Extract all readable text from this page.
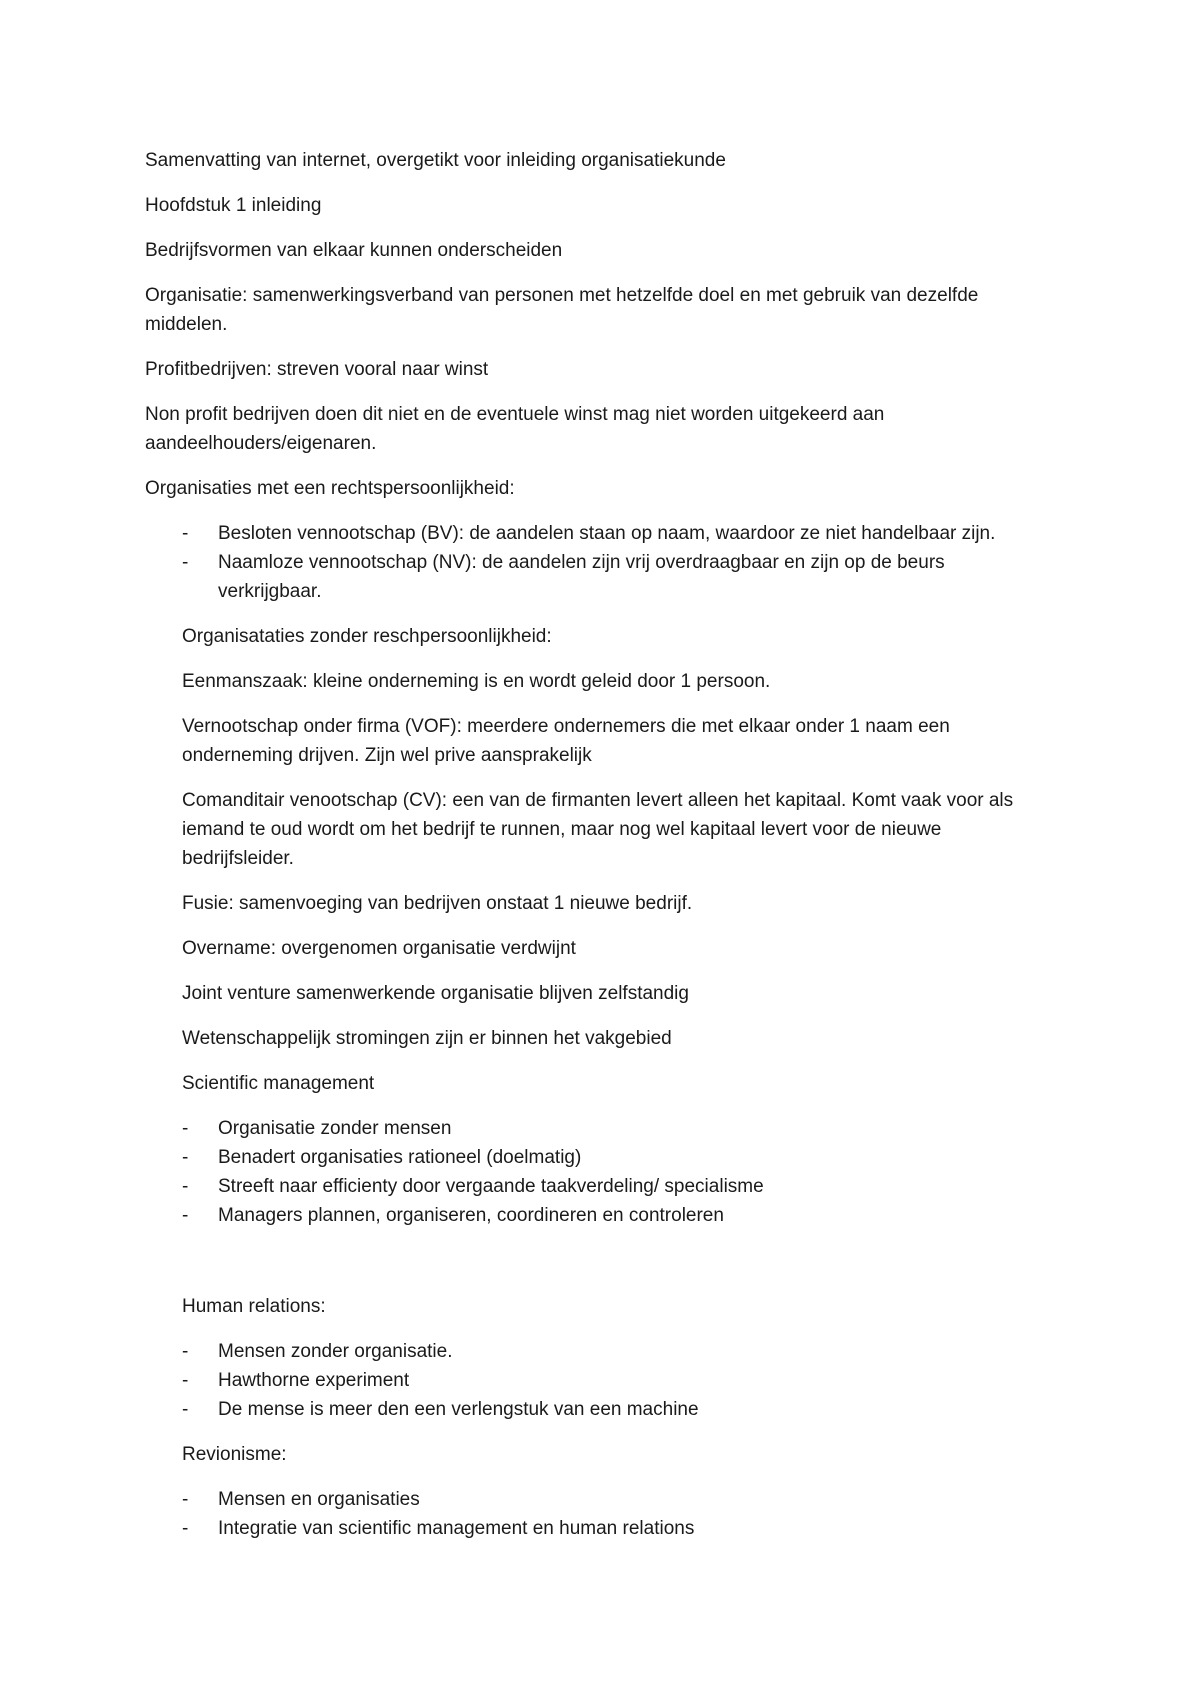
Samenvatting van internet, overgetikt voor inleiding organisatiekunde

Hoofdstuk 1 inleiding

Bedrijfsvormen van elkaar kunnen onderscheiden

Organisatie: samenwerkingsverband van personen met hetzelfde doel en met gebruik van dezelfde middelen.

Profitbedrijven: streven vooral naar winst

Non profit bedrijven doen dit niet en de eventuele winst mag niet worden uitgekeerd aan aandeelhouders/eigenaren.

Organisaties met een rechtspersoonlijkheid:

- Besloten vennootschap (BV): de aandelen staan op naam, waardoor ze niet handelbaar zijn.
- Naamloze vennootschap (NV): de aandelen zijn vrij overdraagbaar en zijn op de beurs verkrijgbaar.

Organisataties zonder reschpersoonlijkheid:

Eenmanszaak: kleine onderneming is en wordt geleid door 1 persoon.

Vernootschap onder firma (VOF): meerdere ondernemers die met elkaar onder 1 naam een onderneming drijven. Zijn wel prive aansprakelijk

Comanditair venootschap (CV): een van de firmanten levert alleen het kapitaal. Komt vaak voor als iemand te oud wordt om het bedrijf te runnen, maar nog wel kapitaal levert voor de nieuwe bedrijfsleider.

Fusie: samenvoeging van bedrijven onstaat 1 nieuwe bedrijf.

Overname: overgenomen organisatie verdwijnt

Joint venture samenwerkende organisatie blijven zelfstandig

Wetenschappelijk stromingen zijn er binnen het vakgebied

Scientific management

- Organisatie zonder mensen
- Benadert organisaties rationeel (doelmatig)
- Streeft naar efficienty door vergaande taakverdeling/ specialisme
- Managers plannen, organiseren, coordineren en controleren

Human relations:

- Mensen zonder organisatie.
- Hawthorne experiment
- De mense is meer den een verlengstuk van een machine

Revionisme:

- Mensen en organisaties
- Integratie van scientific management en human relations
